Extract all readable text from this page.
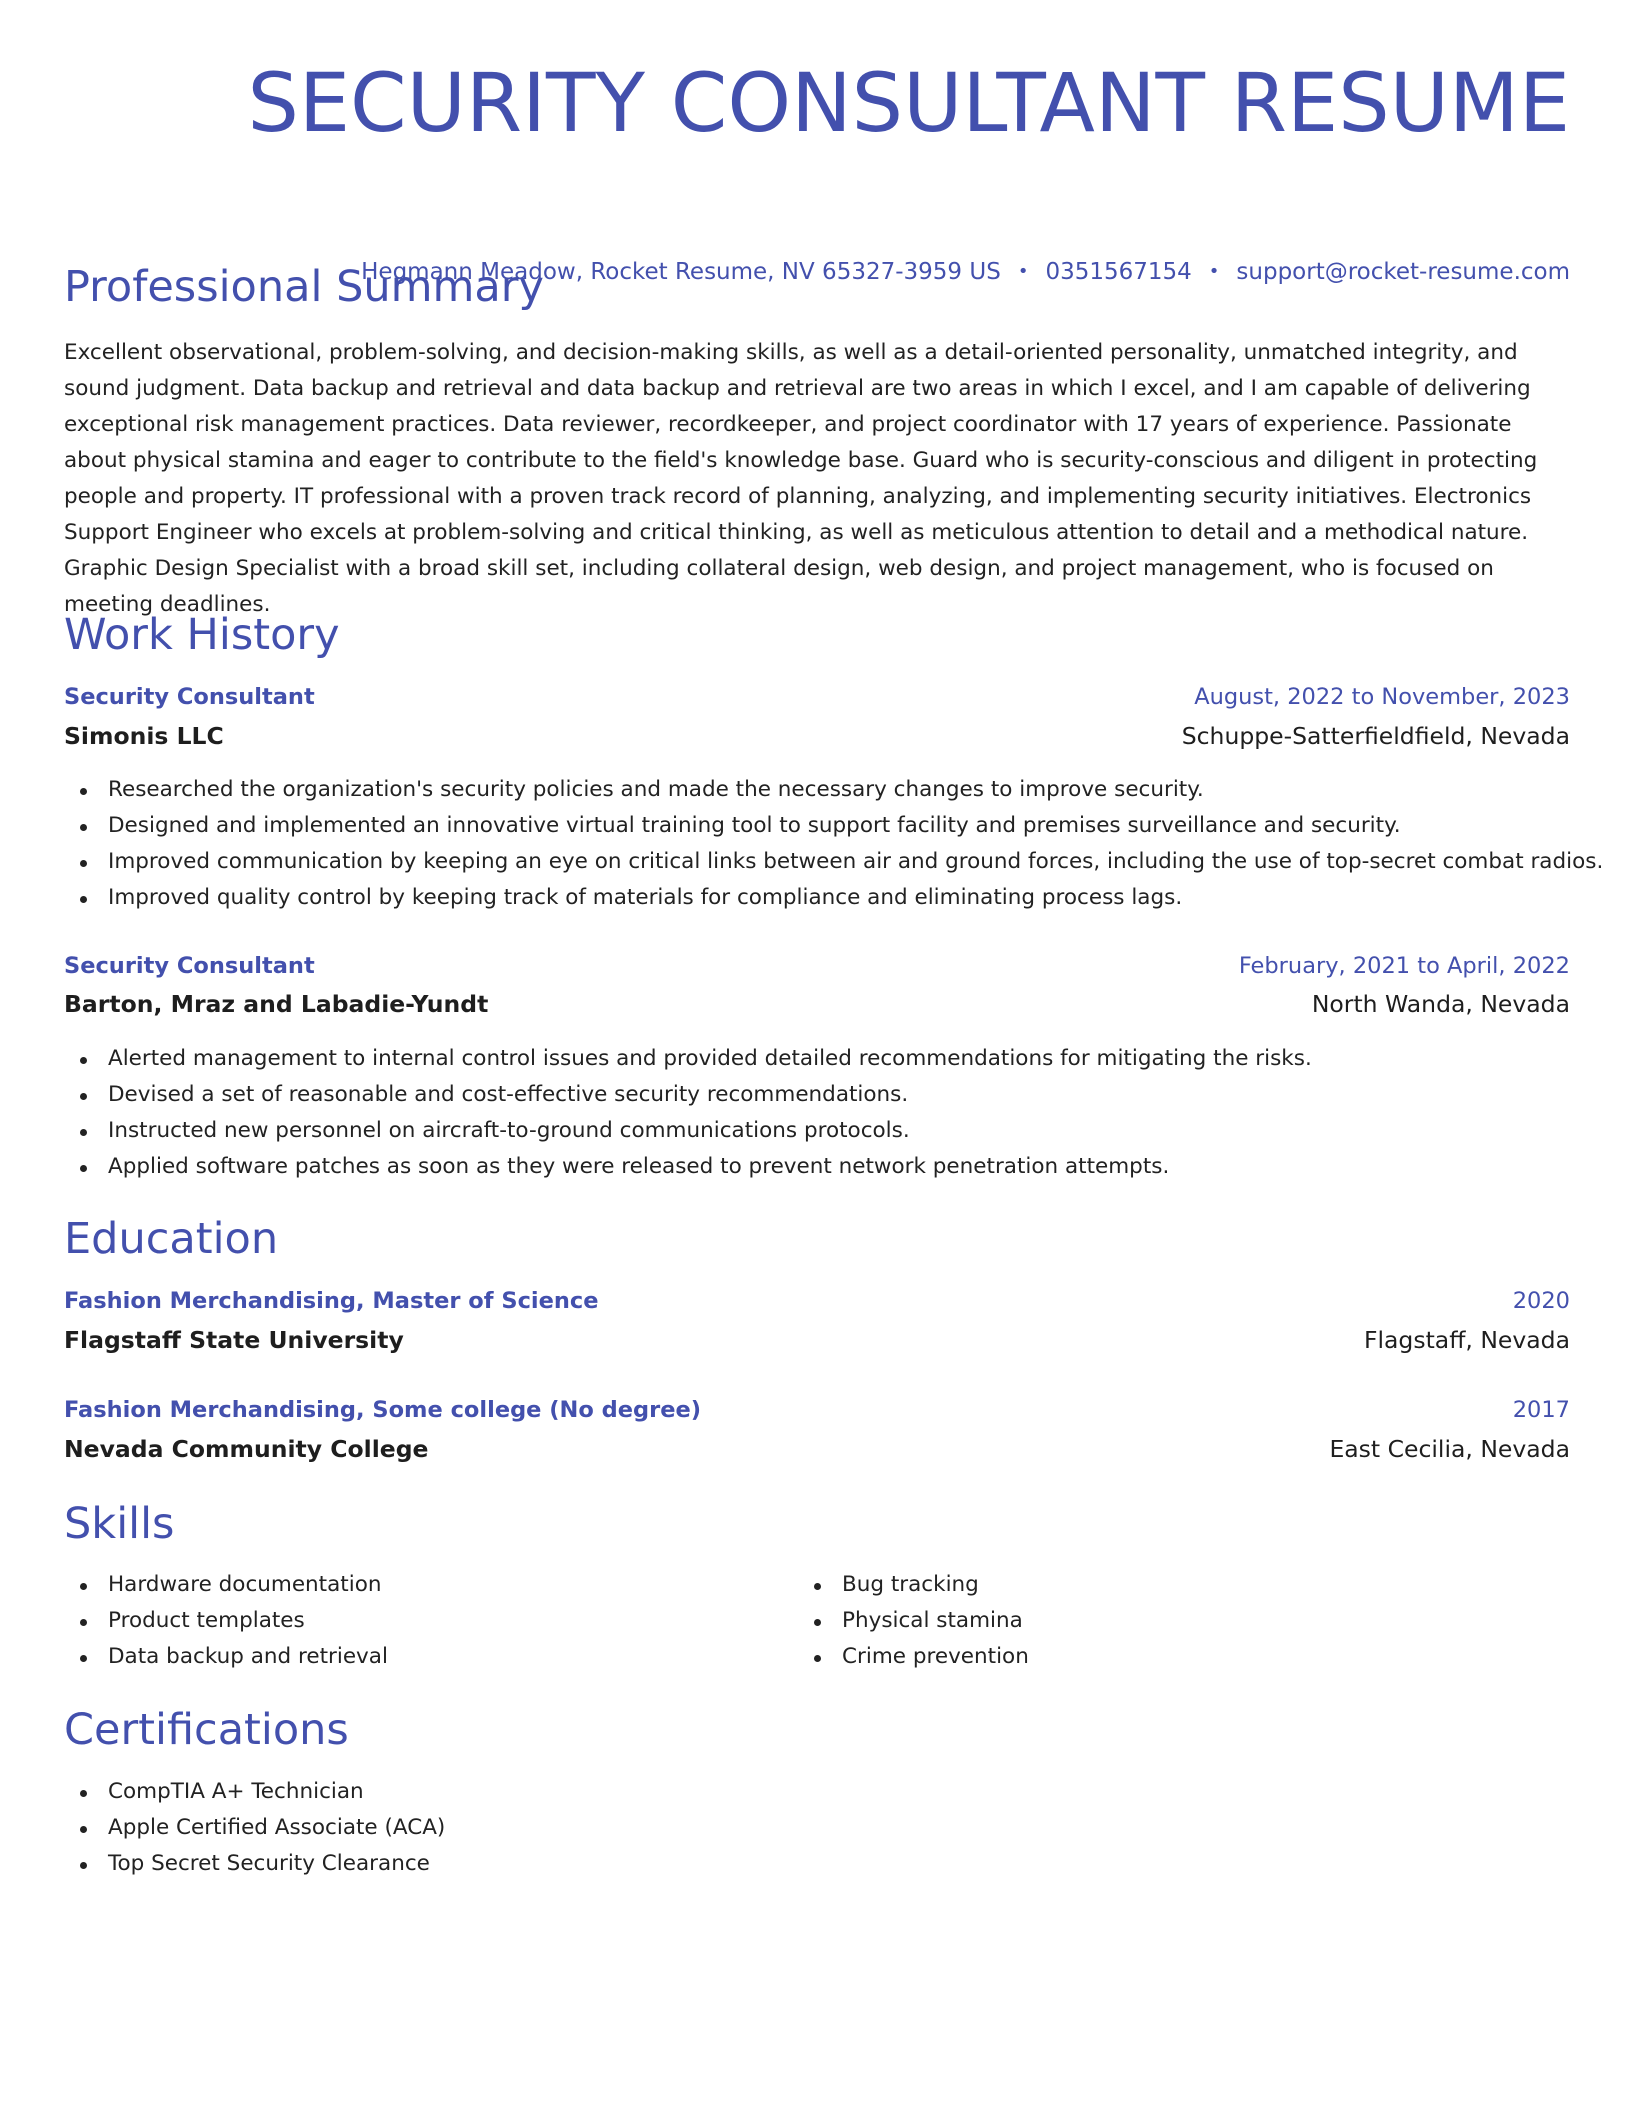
SECURITY CONSULTANT RESUME
Hegmann Meadow, Rocket Resume, NV 65327-3959 US • 0351567154 • support@rocket-resume.com
Professional Summary

Excellent observational, problem-solving, and decision-making skills, as well as a detail-oriented personality, unmatched integrity, and sound judgment. Data backup and retrieval and data backup and retrieval are two areas in which I excel, and I am capable of delivering exceptional risk management practices. Data reviewer, recordkeeper, and project coordinator with 17 years of experience. Passionate about physical stamina and eager to contribute to the field's knowledge base. Guard who is security-conscious and diligent in protecting people and property. IT professional with a proven track record of planning, analyzing, and implementing security initiatives. Electronics Support Engineer who excels at problem-solving and critical thinking, as well as meticulous attention to detail and a methodical nature. Graphic Design Specialist with a broad skill set, including collateral design, web design, and project management, who is focused on meeting deadlines.

Work History
Security Consultant	August, 2022 to November, 2023
Simonis LLC	Schuppe-Satterfieldfield, Nevada
Researched the organization's security policies and made the necessary changes to improve security.
Designed and implemented an innovative virtual training tool to support facility and premises surveillance and security.
Improved communication by keeping an eye on critical links between air and ground forces, including the use of top-secret combat radios.
Improved quality control by keeping track of materials for compliance and eliminating process lags.
Security Consultant	February, 2021 to April, 2022
Barton, Mraz and Labadie-Yundt	North Wanda, Nevada
Alerted management to internal control issues and provided detailed recommendations for mitigating the risks.
Devised a set of reasonable and cost-effective security recommendations.
Instructed new personnel on aircraft-to-ground communications protocols.
Applied software patches as soon as they were released to prevent network penetration attempts.
Education
Fashion Merchandising, Master of Science	2020
Flagstaff State University	Flagstaff, Nevada
Fashion Merchandising, Some college (No degree)	2017
Nevada Community College	East Cecilia, Nevada
Skills
Hardware documentation
Product templates
Data backup and retrieval
Bug tracking
Physical stamina
Crime prevention
Certifications
CompTIA A+ Technician
Apple Certified Associate (ACA)
Top Secret Security Clearance
